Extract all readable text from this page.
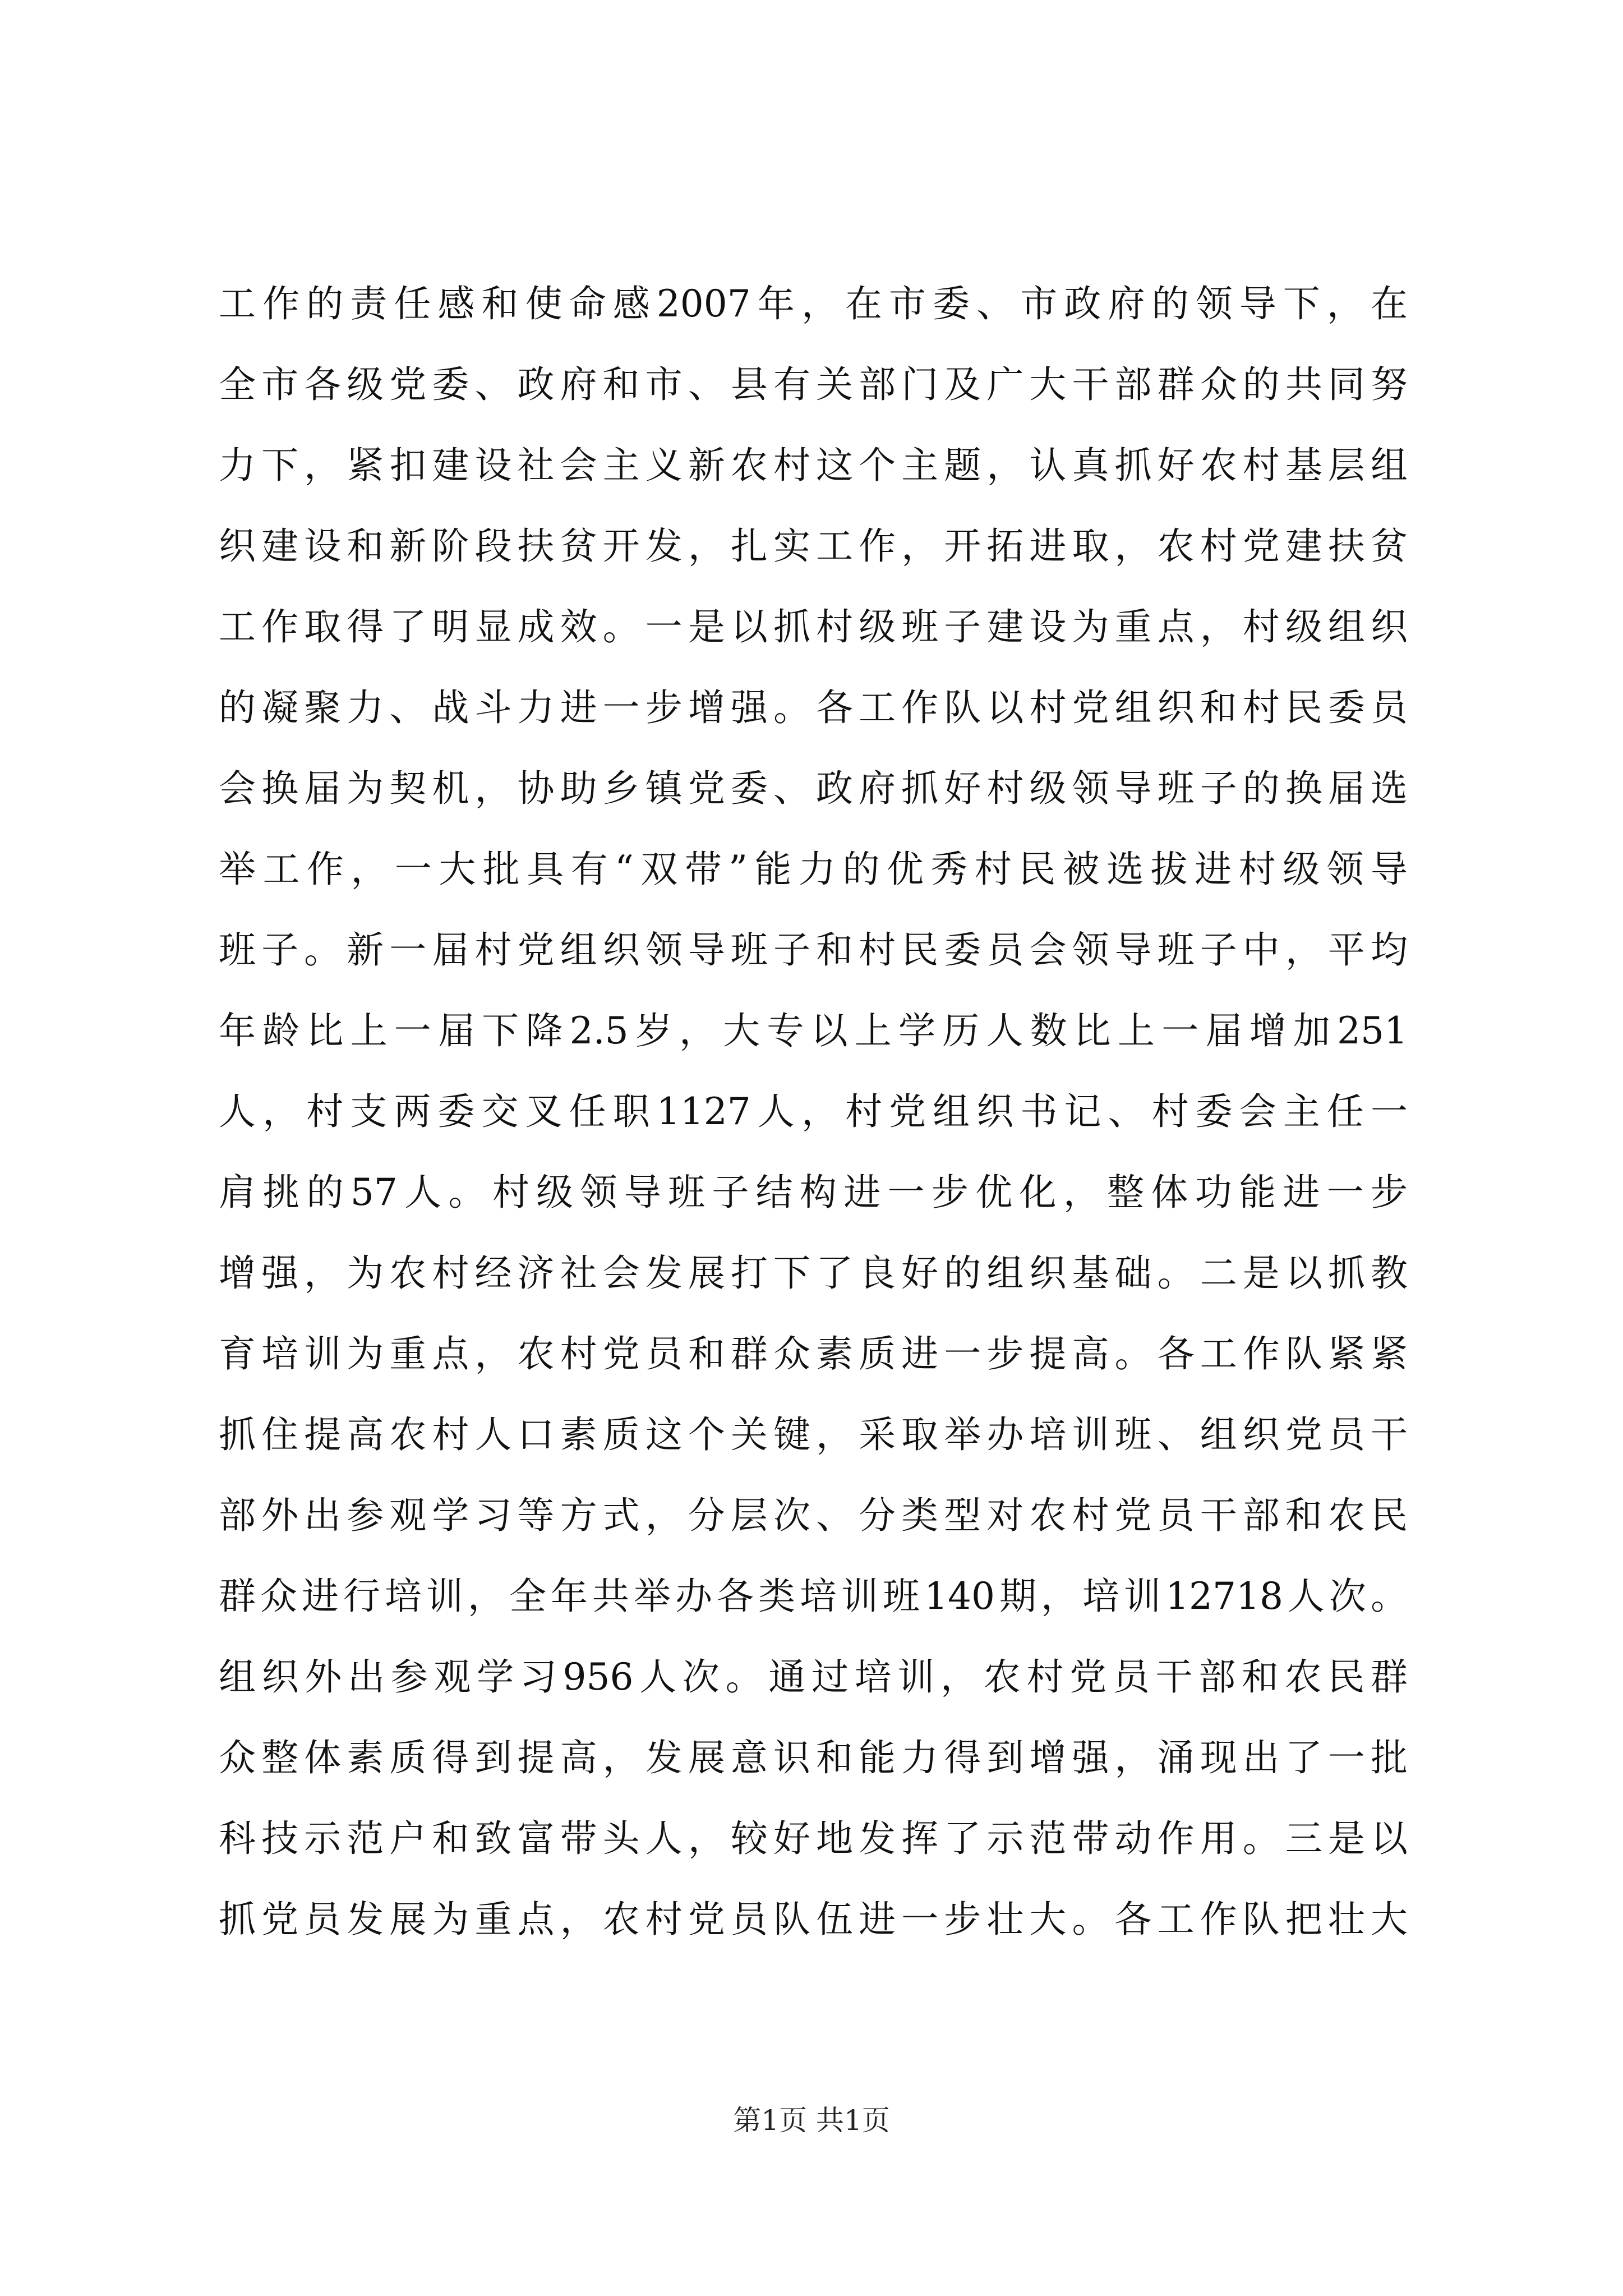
工作的责任感和使命感2007年，在市委、市政府的领导下，在
全市各级党委、政府和市、县有关部门及广大干部群众的共同努
力下，紧扣建设社会主义新农村这个主题，认真抓好农村基层组
织建设和新阶段扶贫开发，扎实工作，开拓进取，农村党建扶贫
工作取得了明显成效。一是以抓村级班子建设为重点，村级组织
的凝聚力、战斗力进一步增强。各工作队以村党组织和村民委员
会换届为契机，协助乡镇党委、政府抓好村级领导班子的换届选
举工作，一大批具有“双带”能力的优秀村民被选拔进村级领导
班子。新一届村党组织领导班子和村民委员会领导班子中，平均
年龄比上一届下降2.5岁，大专以上学历人数比上一届增加251
人，村支两委交叉任职1127人，村党组织书记、村委会主任一
肩挑的57人。村级领导班子结构进一步优化，整体功能进一步
增强，为农村经济社会发展打下了良好的组织基础。二是以抓教
育培训为重点，农村党员和群众素质进一步提高。各工作队紧紧
抓住提高农村人口素质这个关键，采取举办培训班、组织党员干
部外出参观学习等方式，分层次、分类型对农村党员干部和农民
群众进行培训，全年共举办各类培训班140期，培训12718人次。
组织外出参观学习956人次。通过培训，农村党员干部和农民群
众整体素质得到提高，发展意识和能力得到增强，涌现出了一批
科技示范户和致富带头人，较好地发挥了示范带动作用。三是以
抓党员发展为重点，农村党员队伍进一步壮大。各工作队把壮大
第1页 共1页
